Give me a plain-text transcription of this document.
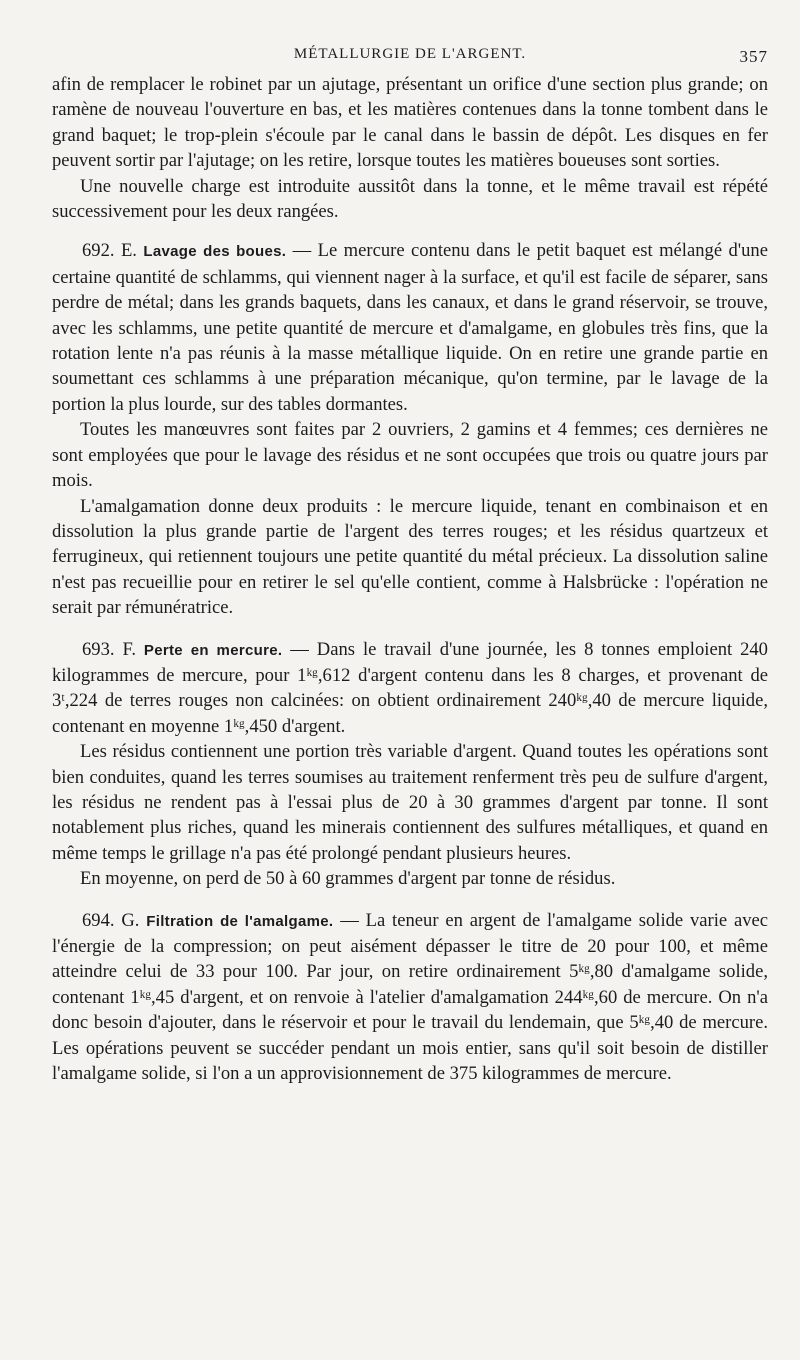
MÉTALLURGIE DE L'ARGENT.	357

afin de remplacer le robinet par un ajutage, présentant un orifice d'une section plus grande; on ramène de nouveau l'ouverture en bas, et les matières contenues dans la tonne tombent dans le grand baquet; le trop-plein s'écoule par le canal dans le bassin de dépôt. Les disques en fer peuvent sortir par l'ajutage; on les retire, lorsque toutes les matières boueuses sont sorties.

Une nouvelle charge est introduite aussitôt dans la tonne, et le même travail est répété successivement pour les deux rangées.

692. E. Lavage des boues. — Le mercure contenu dans le petit baquet est mélangé d'une certaine quantité de schlamms, qui viennent nager à la surface, et qu'il est facile de séparer, sans perdre de métal; dans les grands baquets, dans les canaux, et dans le grand réservoir, se trouve, avec les schlamms, une petite quantité de mercure et d'amalgame, en globules très fins, que la rotation lente n'a pas réunis à la masse métallique liquide. On en retire une grande partie en soumettant ces schlamms à une préparation mécanique, qu'on termine, par le lavage de la portion la plus lourde, sur des tables dormantes.

Toutes les manœuvres sont faites par 2 ouvriers, 2 gamins et 4 femmes; ces dernières ne sont employées que pour le lavage des résidus et ne sont occupées que trois ou quatre jours par mois.

L'amalgamation donne deux produits : le mercure liquide, tenant en combinaison et en dissolution la plus grande partie de l'argent des terres rouges; et les résidus quartzeux et ferrugineux, qui retiennent toujours une petite quantité du métal précieux. La dissolution saline n'est pas recueillie pour en retirer le sel qu'elle contient, comme à Halsbrücke : l'opération ne serait par rémunératrice.

693. F. Perte en mercure. — Dans le travail d'une journée, les 8 tonnes emploient 240 kilogrammes de mercure, pour 1ᵏᵍ,612 d'argent contenu dans les 8 charges, et provenant de 3ᵗ,224 de terres rouges non calcinées: on obtient ordinairement 240ᵏᵍ,40 de mercure liquide, contenant en moyenne 1ᵏᵍ,450 d'argent.

Les résidus contiennent une portion très variable d'argent. Quand toutes les opérations sont bien conduites, quand les terres soumises au traitement renferment très peu de sulfure d'argent, les résidus ne rendent pas à l'essai plus de 20 à 30 grammes d'argent par tonne. Il sont notablement plus riches, quand les minerais contiennent des sulfures métalliques, et quand en même temps le grillage n'a pas été prolongé pendant plusieurs heures.

En moyenne, on perd de 50 à 60 grammes d'argent par tonne de résidus.

694. G. Filtration de l'amalgame. — La teneur en argent de l'amalgame solide varie avec l'énergie de la compression; on peut aisément dépasser le titre de 20 pour 100, et même atteindre celui de 33 pour 100. Par jour, on retire ordinairement 5ᵏᵍ,80 d'amalgame solide, contenant 1ᵏᵍ,45 d'argent, et on renvoie à l'atelier d'amalgamation 244ᵏᵍ,60 de mercure. On n'a donc besoin d'ajouter, dans le réservoir et pour le travail du lendemain, que 5ᵏᵍ,40 de mercure. Les opérations peuvent se succéder pendant un mois entier, sans qu'il soit besoin de distiller l'amalgame solide, si l'on a un approvisionnement de 375 kilogrammes de mercure.
